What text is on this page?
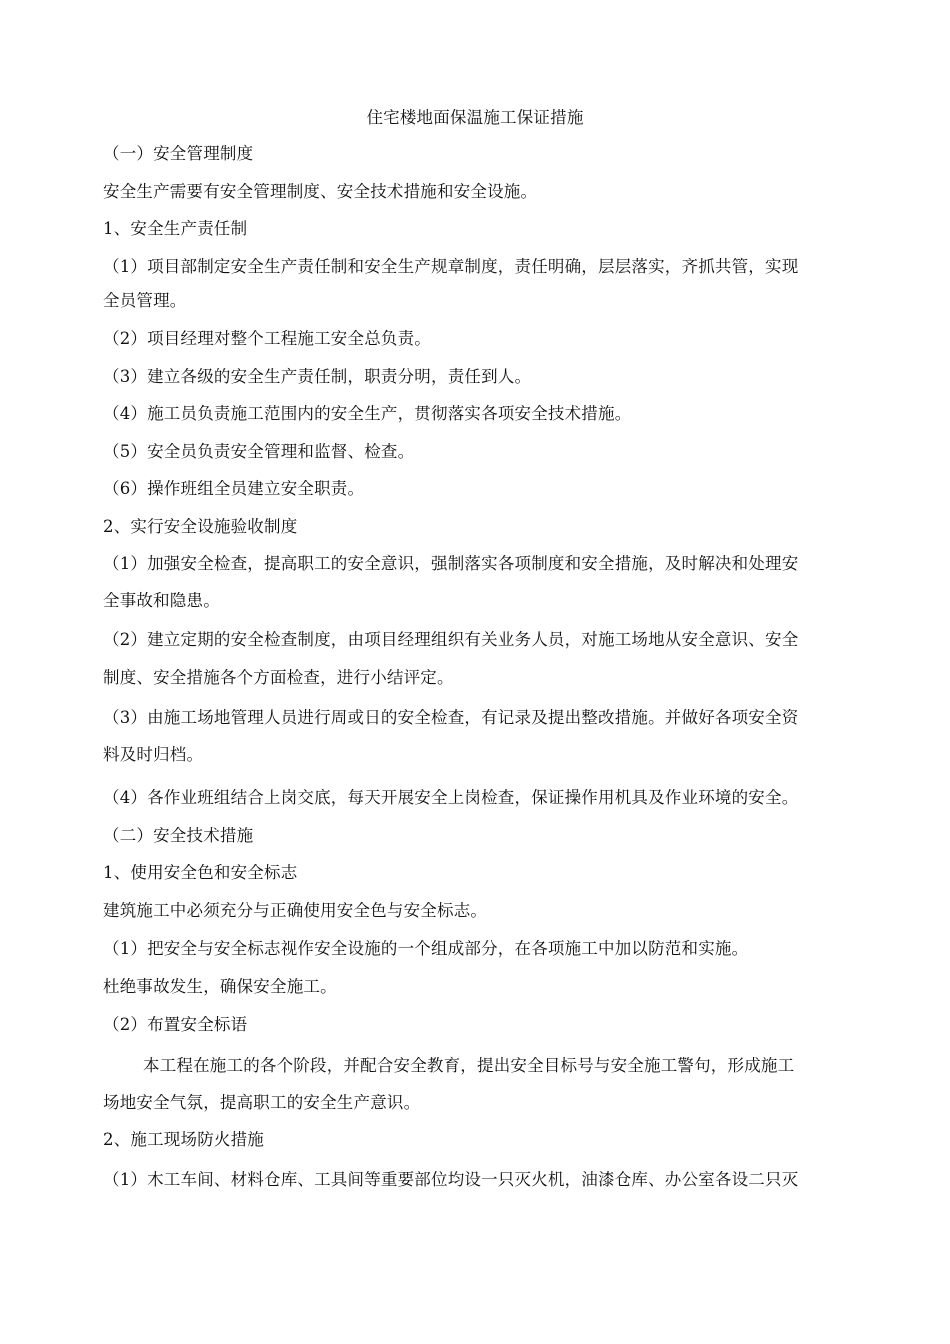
住宅楼地面保温施工保证措施
（一）安全管理制度
安全生产需要有安全管理制度、安全技术措施和安全设施。
1、安全生产责任制
（1）项目部制定安全生产责任制和安全生产规章制度，责任明确，层层落实，齐抓共管，实现
全员管理。
（2）项目经理对整个工程施工安全总负责。
（3）建立各级的安全生产责任制，职责分明，责任到人。
（4）施工员负责施工范围内的安全生产，贯彻落实各项安全技术措施。
（5）安全员负责安全管理和监督、检查。
（6）操作班组全员建立安全职责。
2、实行安全设施验收制度
（1）加强安全检查，提高职工的安全意识，强制落实各项制度和安全措施，及时解决和处理安
全事故和隐患。
（2）建立定期的安全检查制度，由项目经理组织有关业务人员，对施工场地从安全意识、安全
制度、安全措施各个方面检查，进行小结评定。
（3）由施工场地管理人员进行周或日的安全检查，有记录及提出整改措施。并做好各项安全资
料及时归档。
（4）各作业班组结合上岗交底，每天开展安全上岗检查，保证操作用机具及作业环境的安全。
（二）安全技术措施
1、使用安全色和安全标志
建筑施工中必须充分与正确使用安全色与安全标志。
（1）把安全与安全标志视作安全设施的一个组成部分，在各项施工中加以防范和实施。
杜绝事故发生，确保安全施工。
（2）布置安全标语
本工程在施工的各个阶段，并配合安全教育，提出安全目标号与安全施工警句，形成施工
场地安全气氛，提高职工的安全生产意识。
2、施工现场防火措施
（1）木工车间、材料仓库、工具间等重要部位均设一只灭火机，油漆仓库、办公室各设二只灭
